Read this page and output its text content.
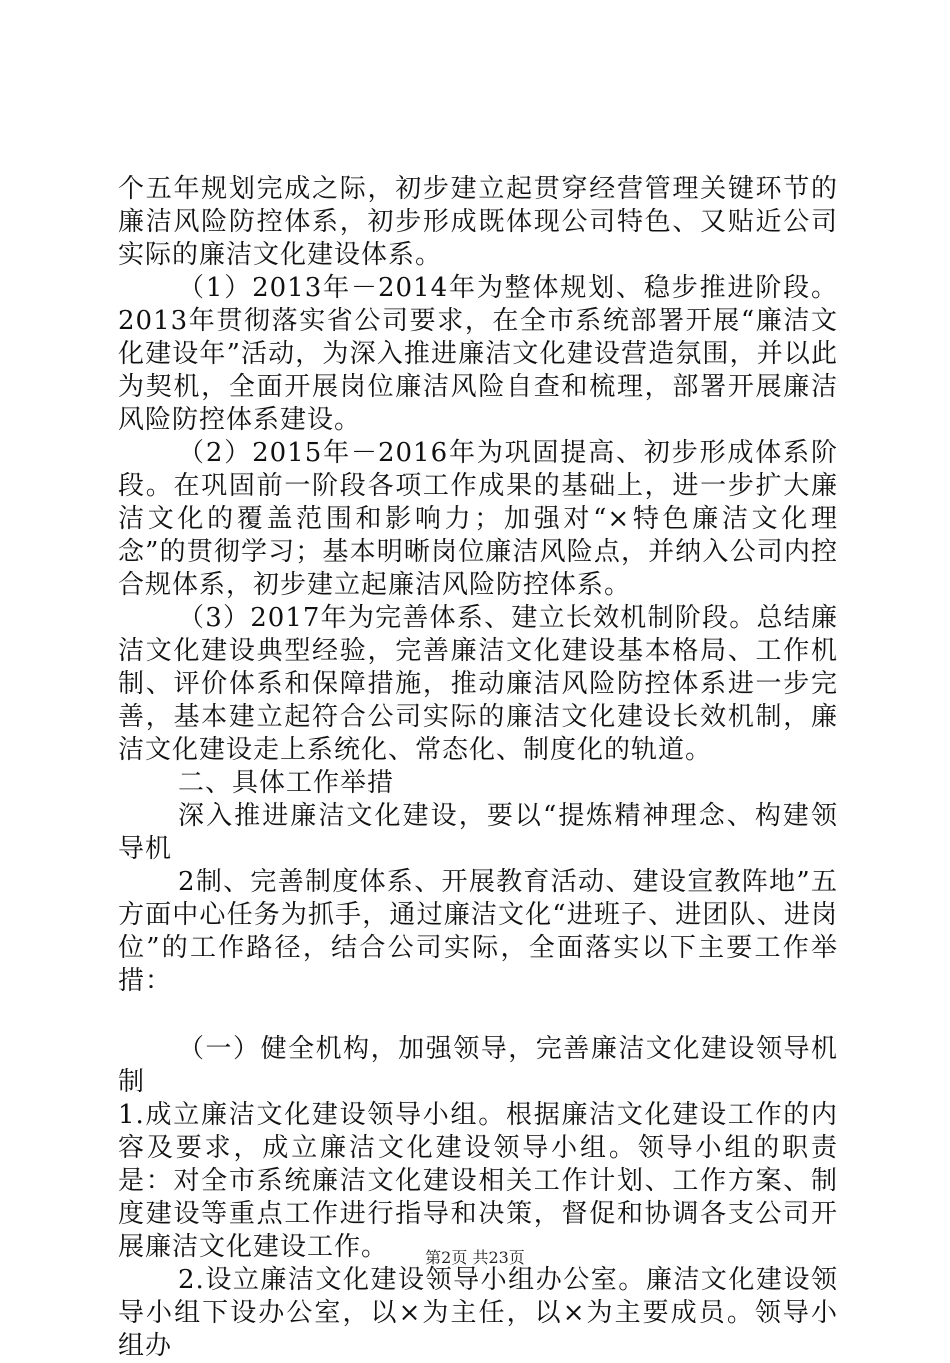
个五年规划完成之际，初步建立起贯穿经营管理关键环节的廉洁风险防控体系，初步形成既体现公司特色、又贴近公司实际的廉洁文化建设体系。

（1）2013年－2014年为整体规划、稳步推进阶段。2013年贯彻落实省公司要求，在全市系统部署开展“廉洁文化建设年”活动，为深入推进廉洁文化建设营造氛围，并以此为契机，全面开展岗位廉洁风险自查和梳理，部署开展廉洁风险防控体系建设。

（2）2015年－2016年为巩固提高、初步形成体系阶段。在巩固前一阶段各项工作成果的基础上，进一步扩大廉洁文化的覆盖范围和影响力；加强对“×特色廉洁文化理念”的贯彻学习；基本明晰岗位廉洁风险点，并纳入公司内控合规体系，初步建立起廉洁风险防控体系。

（3）2017年为完善体系、建立长效机制阶段。总结廉洁文化建设典型经验，完善廉洁文化建设基本格局、工作机制、评价体系和保障措施，推动廉洁风险防控体系进一步完善，基本建立起符合公司实际的廉洁文化建设长效机制，廉洁文化建设走上系统化、常态化、制度化的轨道。

二、具体工作举措

深入推进廉洁文化建设，要以“提炼精神理念、构建领导机

2制、完善制度体系、开展教育活动、建设宣教阵地”五方面中心任务为抓手，通过廉洁文化“进班子、进团队、进岗位”的工作路径，结合公司实际，全面落实以下主要工作举措：

（一）健全机构，加强领导，完善廉洁文化建设领导机制

1.成立廉洁文化建设领导小组。根据廉洁文化建设工作的内容及要求，成立廉洁文化建设领导小组。领导小组的职责是：对全市系统廉洁文化建设相关工作计划、工作方案、制度建设等重点工作进行指导和决策，督促和协调各支公司开展廉洁文化建设工作。

2.设立廉洁文化建设领导小组办公室。廉洁文化建设领导小组下设办公室，以×为主任，以×为主要成员。领导小组办

第2页 共23页
